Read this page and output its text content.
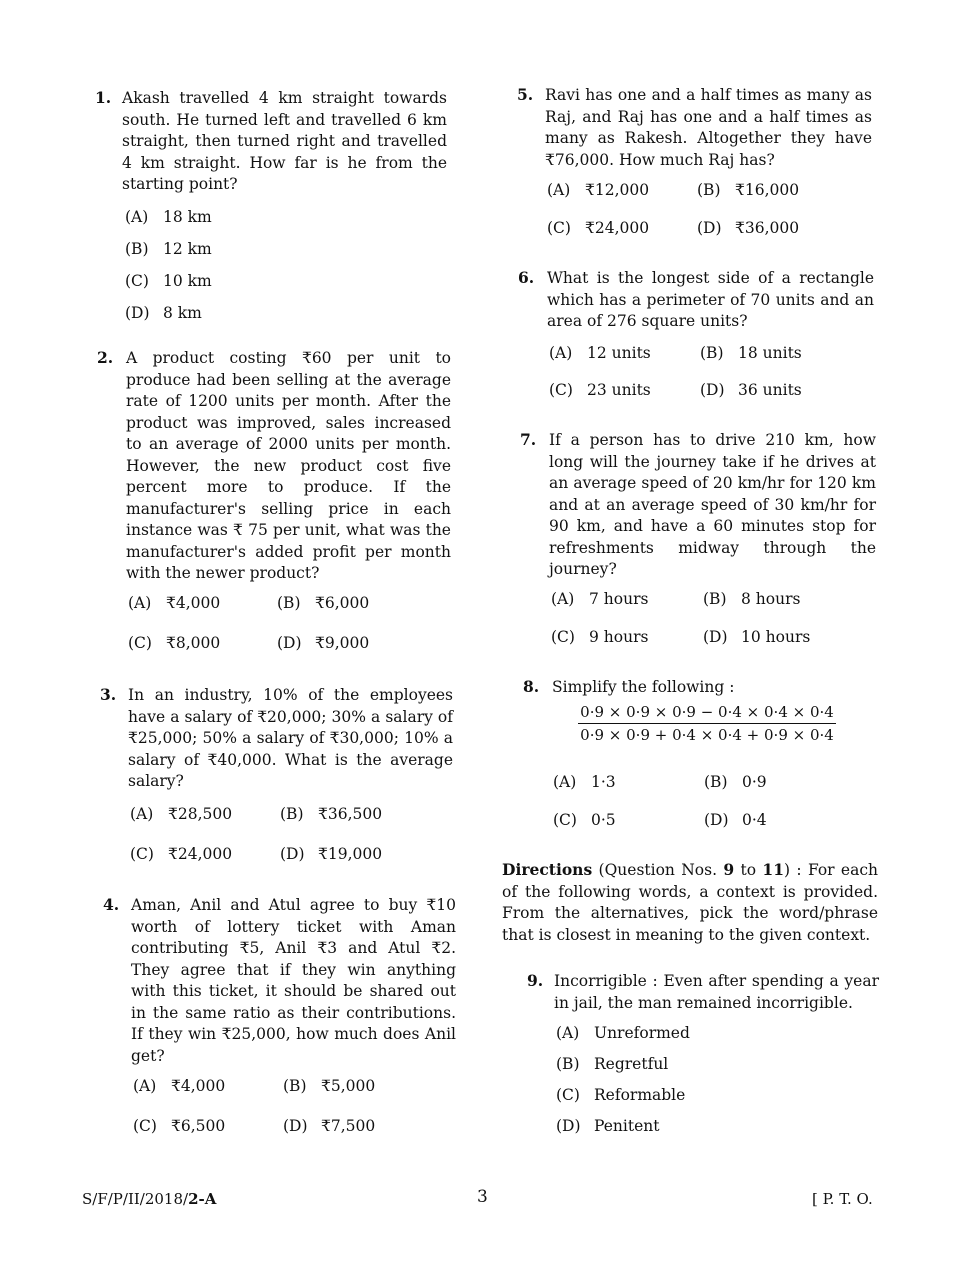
1. Akash travelled 4 km straight towards south. He turned left and travelled 6 km straight, then turned right and travelled 4 km straight. How far is he from the starting point?
(A) 18 km
(B) 12 km
(C) 10 km
(D) 8 km
2. A product costing ₹60 per unit to produce had been selling at the average rate of 1200 units per month. After the product was improved, sales increased to an average of 2000 units per month. However, the new product cost five percent more to produce. If the manufacturer's selling price in each instance was ₹ 75 per unit, what was the manufacturer's added profit per month with the newer product?
(A) ₹4,000	(B) ₹6,000
(C) ₹8,000	(D) ₹9,000
3. In an industry, 10% of the employees have a salary of ₹20,000; 30% a salary of ₹25,000; 50% a salary of ₹30,000; 10% a salary of ₹40,000. What is the average salary?
(A) ₹28,500	(B) ₹36,500
(C) ₹24,000	(D) ₹19,000
4. Aman, Anil and Atul agree to buy ₹10 worth of lottery ticket with Aman contributing ₹5, Anil ₹3 and Atul ₹2. They agree that if they win anything with this ticket, it should be shared out in the same ratio as their contributions. If they win ₹25,000, how much does Anil get?
(A) ₹4,000	(B) ₹5,000
(C) ₹6,500	(D) ₹7,500
5. Ravi has one and a half times as many as Raj, and Raj has one and a half times as many as Rakesh. Altogether they have ₹76,000. How much Raj has?
(A) ₹12,000	(B) ₹16,000
(C) ₹24,000	(D) ₹36,000
6. What is the longest side of a rectangle which has a perimeter of 70 units and an area of 276 square units?
(A) 12 units	(B) 18 units
(C) 23 units	(D) 36 units
7. If a person has to drive 210 km, how long will the journey take if he drives at an average speed of 20 km/hr for 120 km and at an average speed of 30 km/hr for 90 km, and have a 60 minutes stop for refreshments midway through the journey?
(A) 7 hours	(B) 8 hours
(C) 9 hours	(D) 10 hours
8. Simplify the following :
$\frac{0\cdot 9 \times 0\cdot 9 \times 0\cdot 9 - 0\cdot 4 \times 0\cdot 4 \times 0\cdot 4}{0\cdot 9 \times 0\cdot 9 + 0\cdot 4 \times 0\cdot 4 + 0\cdot 9 \times 0\cdot 4}$
(A) 1·3	(B) 0·9
(C) 0·5	(D) 0·4
Directions (Question Nos. 9 to 11) : For each of the following words, a context is provided. From the alternatives, pick the word/phrase that is closest in meaning to the given context.
9. Incorrigible : Even after spending a year in jail, the man remained incorrigible.
(A) Unreformed
(B) Regretful
(C) Reformable
(D) Penitent
S/F/P/II/2018/2-A	3	[ P. T. O.
